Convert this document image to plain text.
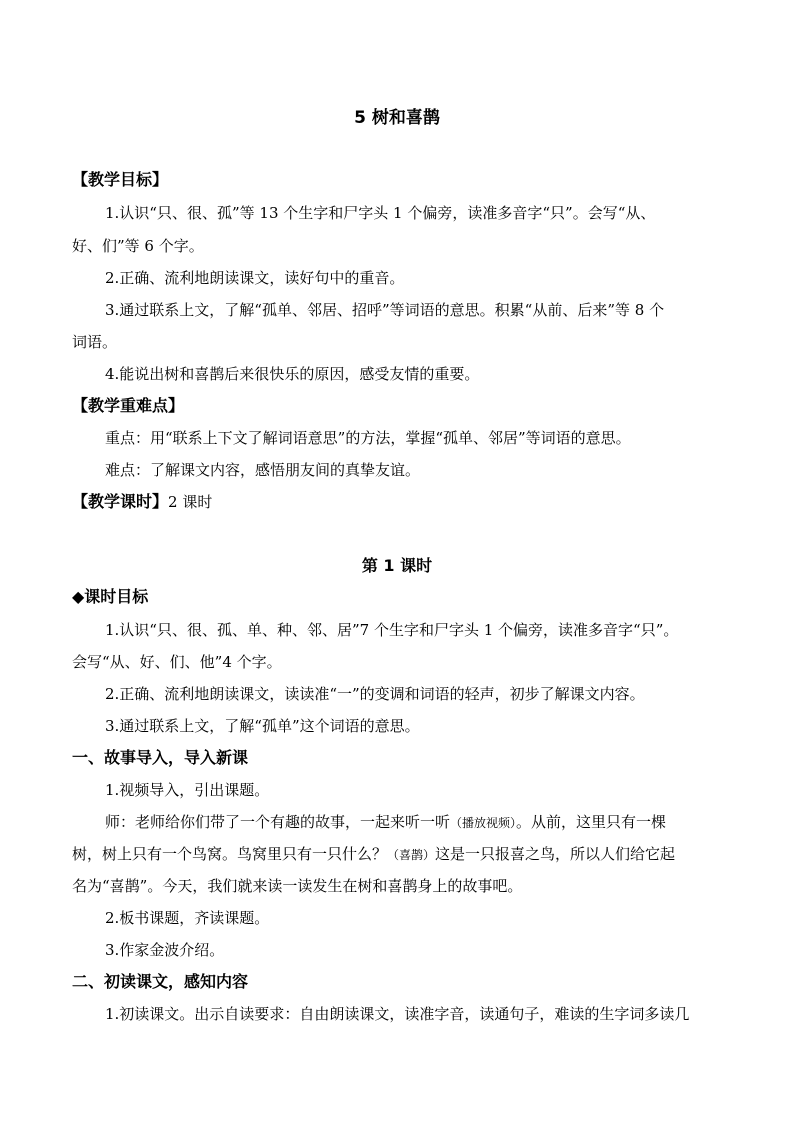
5 树和喜鹊
【教学目标】
1.认识“只、很、孤”等 13 个生字和尸字头 1 个偏旁，读准多音字“只”。会写“从、
好、们”等 6 个字。
2.正确、流利地朗读课文，读好句中的重音。
3.通过联系上文，了解“孤单、邻居、招呼”等词语的意思。积累“从前、后来”等 8 个
词语。
4.能说出树和喜鹊后来很快乐的原因，感受友情的重要。
【教学重难点】
重点：用“联系上下文了解词语意思”的方法，掌握“孤单、邻居”等词语的意思。
难点：了解课文内容，感悟朋友间的真挚友谊。
【教学课时】2 课时
第 1 课时
◆课时目标
1.认识“只、很、孤、单、种、邻、居”7 个生字和尸字头 1 个偏旁，读准多音字“只”。
会写“从、好、们、他”4 个字。
2.正确、流利地朗读课文，读读准“一”的变调和词语的轻声，初步了解课文内容。
3.通过联系上文，了解“孤单”这个词语的意思。
一、故事导入，导入新课
1.视频导入，引出课题。
师：老师给你们带了一个有趣的故事，一起来听一听（播放视频）。从前，这里只有一棵
树，树上只有一个鸟窝。鸟窝里只有一只什么？（喜鹊）这是一只报喜之鸟，所以人们给它起
名为“喜鹊”。今天，我们就来读一读发生在树和喜鹊身上的故事吧。
2.板书课题，齐读课题。
3.作家金波介绍。
二、初读课文，感知内容
1.初读课文。出示自读要求：自由朗读课文，读准字音，读通句子，难读的生字词多读几
